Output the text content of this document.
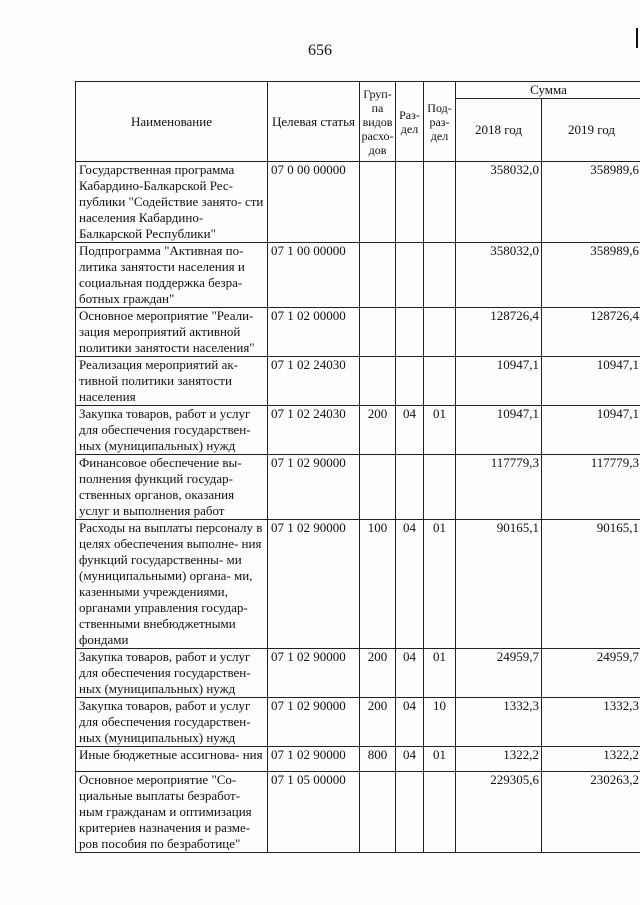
656
Наименование	Целевая статья	Груп- па видов расхо- дов	Раз- дел	Под- раз- дел	Сумма	
					2018 год	2019 год
Государственная программа Кабардино-Балкарской Рес- публики "Содействие занято- сти населения Кабардино- Балкарской Республики"	07 0 00 00000				358032,0	358989,6
Подпрограмма "Активная по- литика занятости населения и социальная поддержка безра- ботных граждан"	07 1 00 00000				358032,0	358989,6
Основное мероприятие "Реали- зация мероприятий активной политики занятости населения"	07 1 02 00000				128726,4	128726,4
Реализация мероприятий ак- тивной политики занятости населения	07 1 02 24030				10947,1	10947,1
Закупка товаров, работ и услуг для обеспечения государствен- ных (муниципальных) нужд	07 1 02 24030	200	04	01	10947,1	10947,1
Финансовое обеспечение вы- полнения функций государ- ственных органов, оказания услуг и выполнения работ	07 1 02 90000				117779,3	117779,3
Расходы на выплаты персоналу в целях обеспечения выполне- ния функций государственны- ми (муниципальными) органа- ми, казенными учреждениями, органами управления государ- ственными внебюджетными фондами	07 1 02 90000	100	04	01	90165,1	90165,1
Закупка товаров, работ и услуг для обеспечения государствен- ных (муниципальных) нужд	07 1 02 90000	200	04	01	24959,7	24959,7
Закупка товаров, работ и услуг для обеспечения государствен- ных (муниципальных) нужд	07 1 02 90000	200	04	10	1332,3	1332,3
Иные бюджетные ассигнова- ния	07 1 02 90000	800	04	01	1322,2	1322,2
Основное мероприятие "Со- циальные выплаты безработ- ным гражданам и оптимизация критериев назначения и разме- ров пособия по безработице"	07 1 05 00000				229305,6	230263,2
